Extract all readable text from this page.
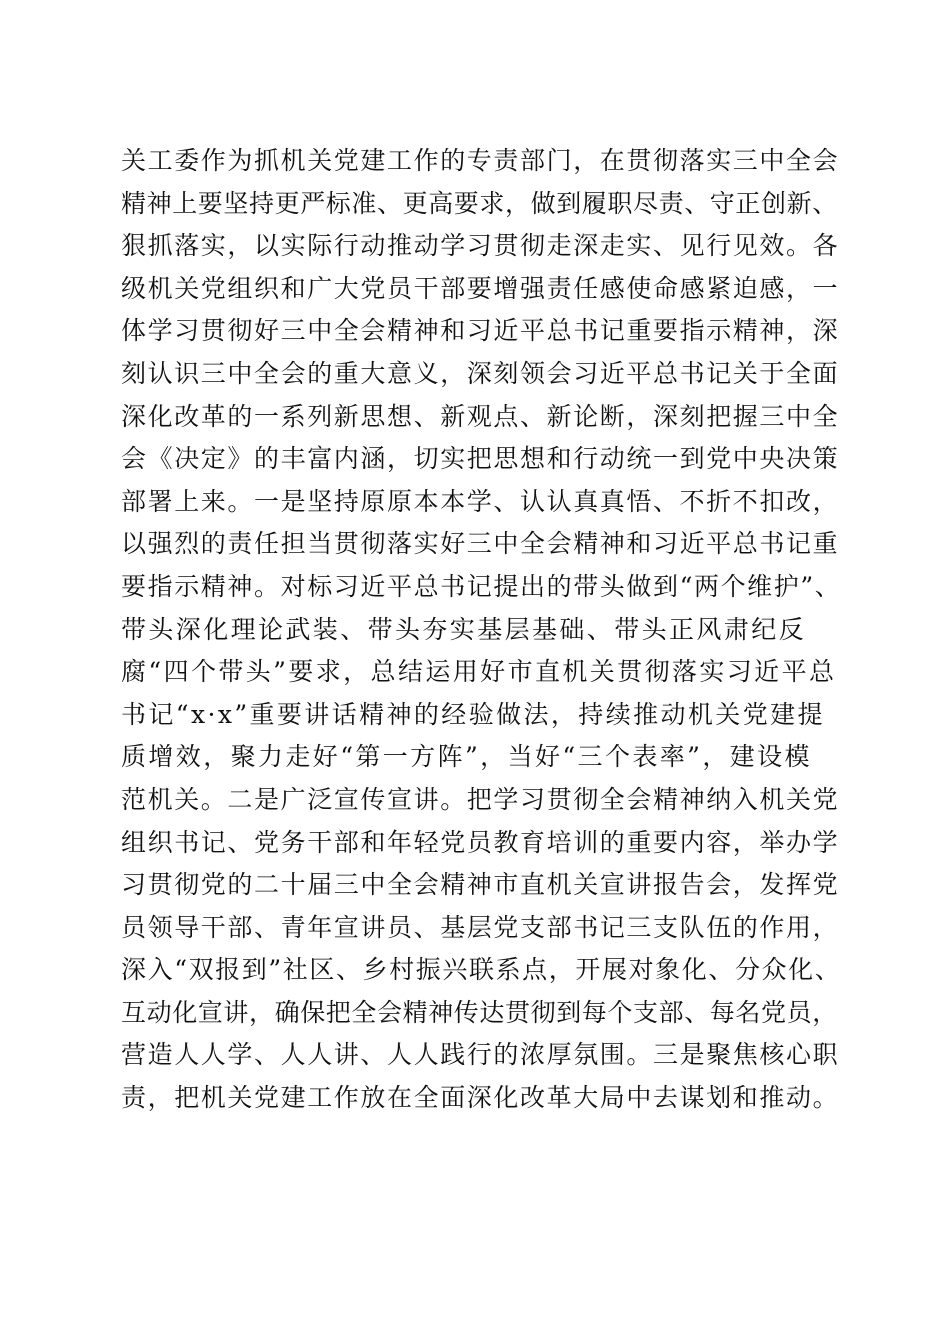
关工委作为抓机关党建工作的专责部门，在贯彻落实三中全会
精神上要坚持更严标准、更高要求，做到履职尽责、守正创新、
狠抓落实，以实际行动推动学习贯彻走深走实、见行见效。各
级机关党组织和广大党员干部要增强责任感使命感紧迫感，一
体学习贯彻好三中全会精神和习近平总书记重要指示精神，深
刻认识三中全会的重大意义，深刻领会习近平总书记关于全面
深化改革的一系列新思想、新观点、新论断，深刻把握三中全
会《决定》的丰富内涵，切实把思想和行动统一到党中央决策
部署上来。一是坚持原原本本学、认认真真悟、不折不扣改，
以强烈的责任担当贯彻落实好三中全会精神和习近平总书记重
要指示精神。对标习近平总书记提出的带头做到“两个维护”、
带头深化理论武装、带头夯实基层基础、带头正风肃纪反
腐“四个带头”要求，总结运用好市直机关贯彻落实习近平总
书记“x·x”重要讲话精神的经验做法，持续推动机关党建提
质增效，聚力走好“第一方阵”，当好“三个表率”，建设模
范机关。二是广泛宣传宣讲。把学习贯彻全会精神纳入机关党
组织书记、党务干部和年轻党员教育培训的重要内容，举办学
习贯彻党的二十届三中全会精神市直机关宣讲报告会，发挥党
员领导干部、青年宣讲员、基层党支部书记三支队伍的作用，
深入“双报到”社区、乡村振兴联系点，开展对象化、分众化、
互动化宣讲，确保把全会精神传达贯彻到每个支部、每名党员，
营造人人学、人人讲、人人践行的浓厚氛围。三是聚焦核心职
责，把机关党建工作放在全面深化改革大局中去谋划和推动。
